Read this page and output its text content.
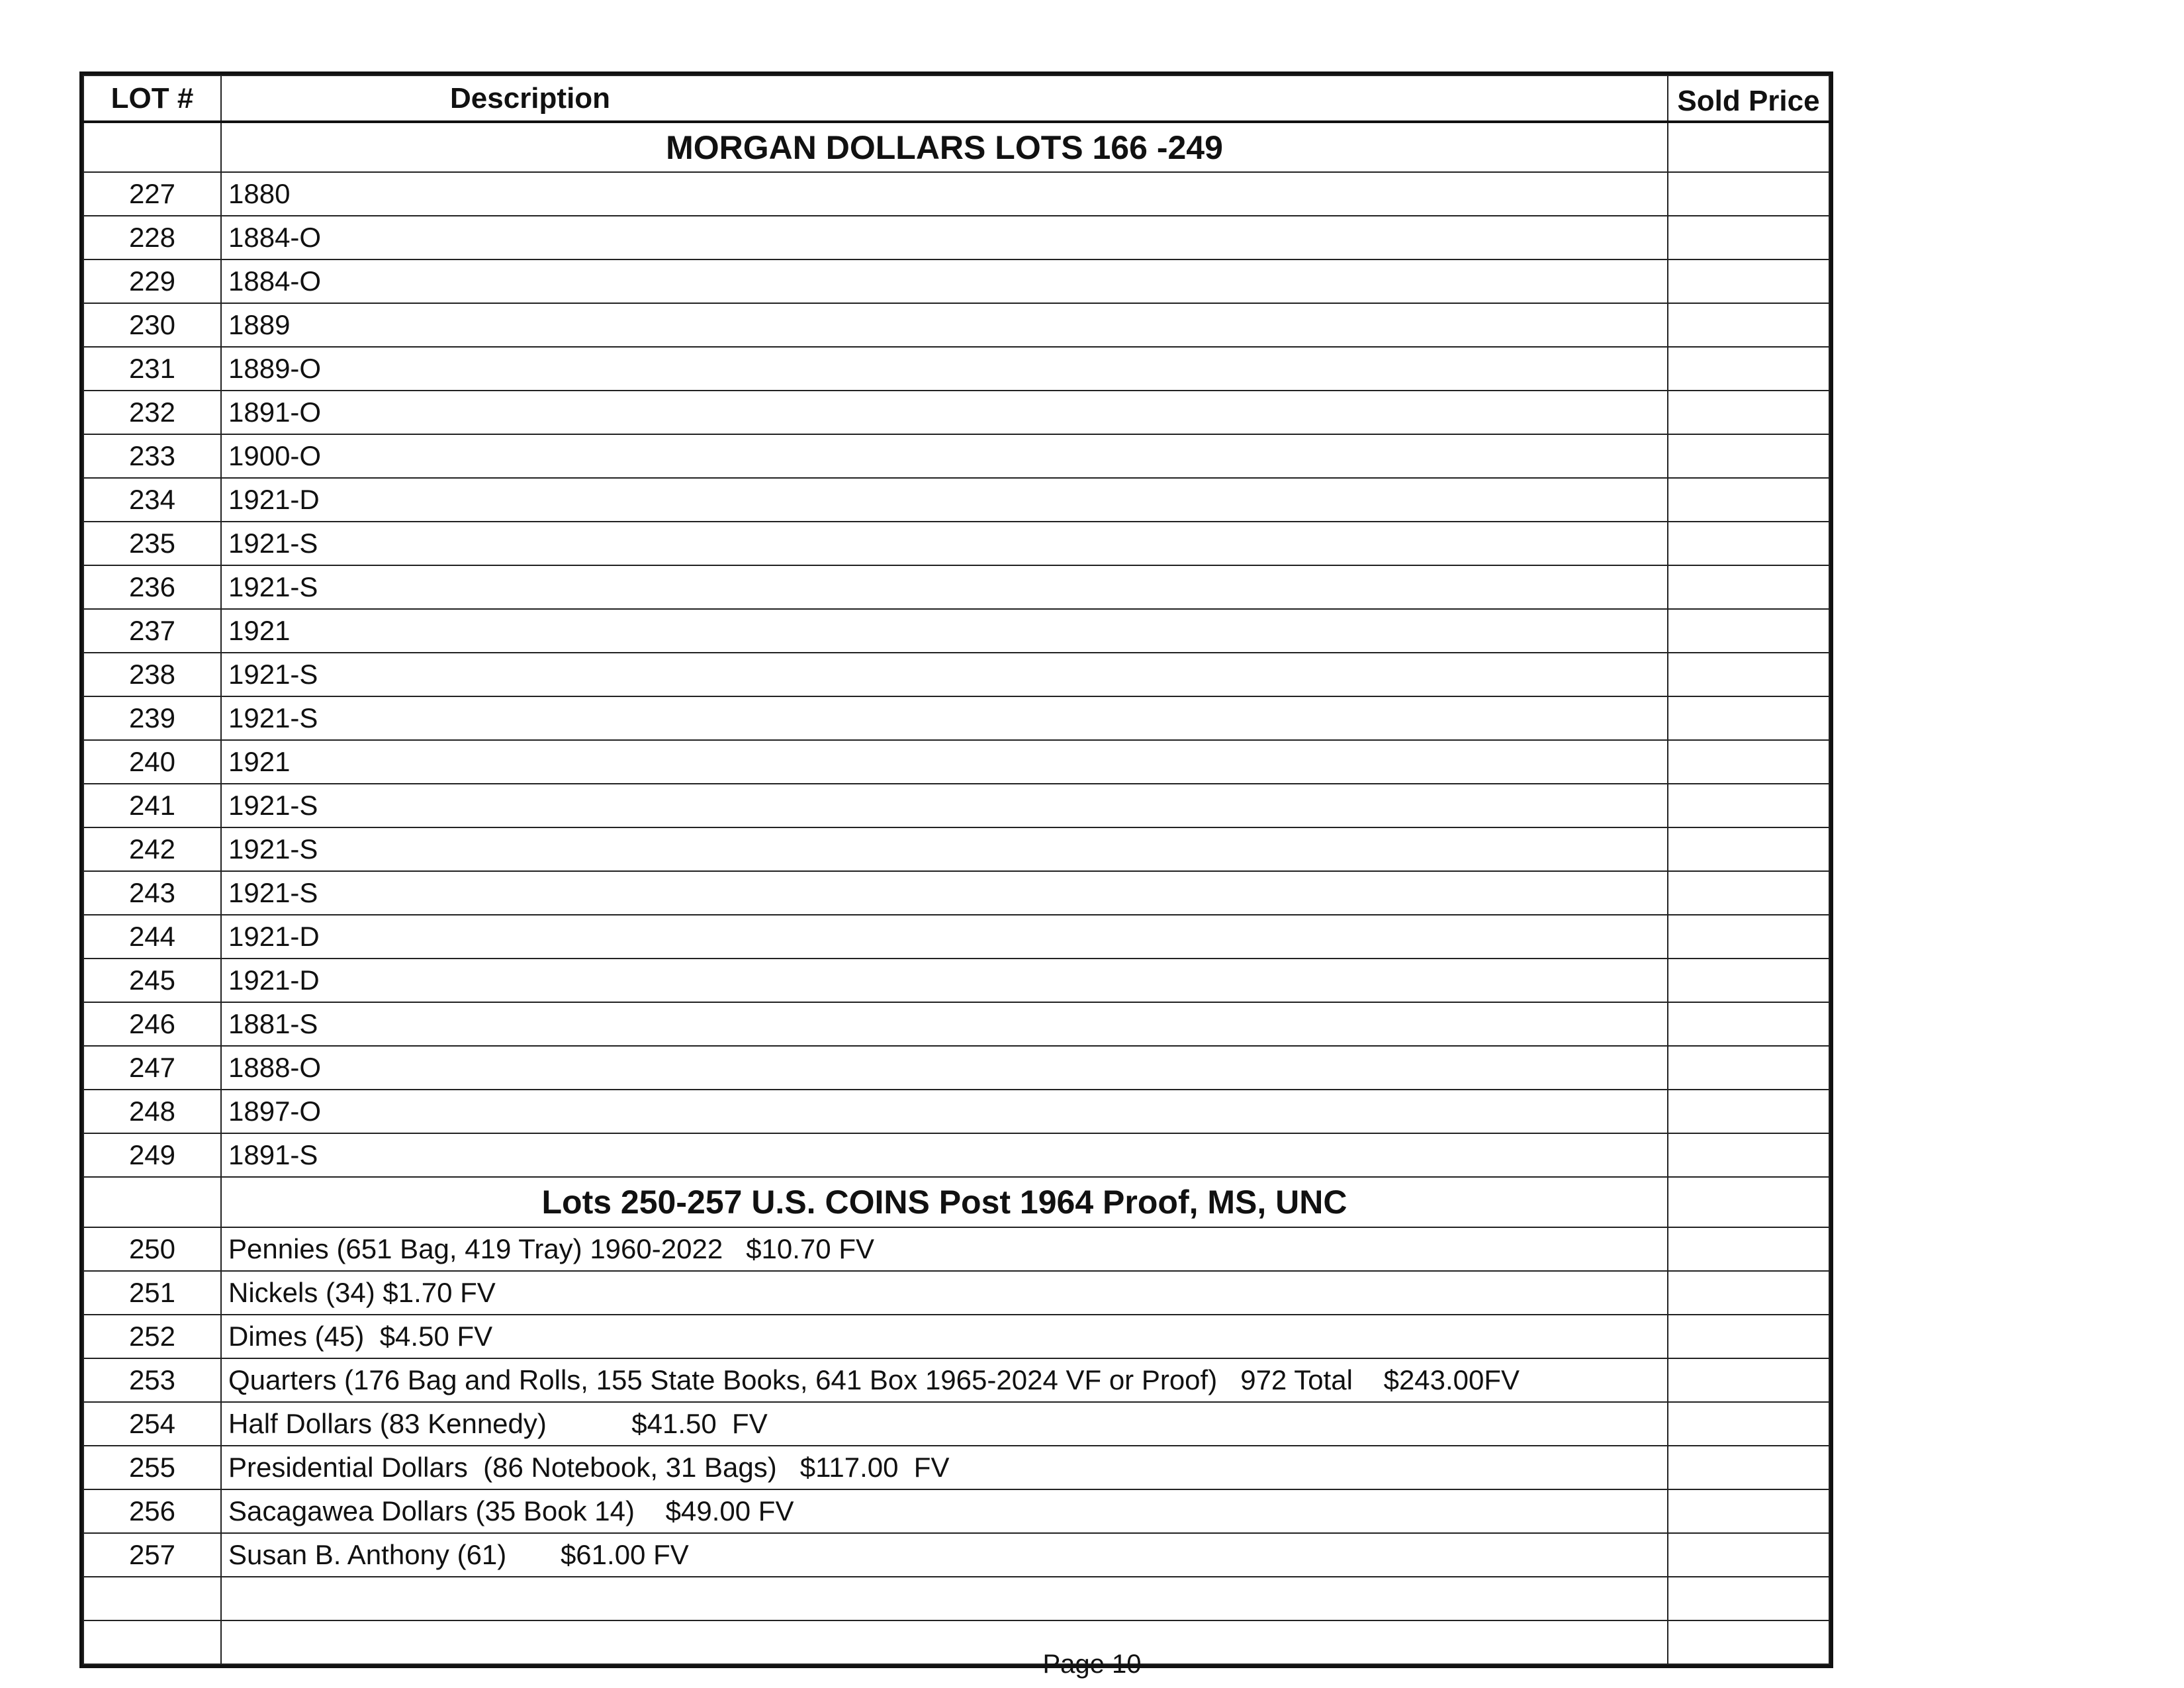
LOT #	Description	Sold Price
	MORGAN DOLLARS LOTS 166 -249	
227	1880	
228	1884-O	
229	1884-O	
230	1889	
231	1889-O	
232	1891-O	
233	1900-O	
234	1921-D	
235	1921-S	
236	1921-S	
237	1921	
238	1921-S	
239	1921-S	
240	1921	
241	1921-S	
242	1921-S	
243	1921-S	
244	1921-D	
245	1921-D	
246	1881-S	
247	1888-O	
248	1897-O	
249	1891-S	
	Lots 250-257 U.S. COINS Post 1964 Proof, MS, UNC	
250	Pennies (651 Bag, 419 Tray) 1960-2022   $10.70 FV	
251	Nickels (34) $1.70 FV	
252	Dimes (45)  $4.50 FV	
253	Quarters (176 Bag and Rolls, 155 State Books, 641 Box 1965-2024 VF or Proof)   972 Total    $243.00FV	
254	Half Dollars (83 Kennedy)           $41.50  FV	
255	Presidential Dollars  (86 Notebook, 31 Bags)   $117.00  FV	
256	Sacagawea Dollars (35 Book 14)    $49.00 FV	
257	Susan B. Anthony (61)       $61.00 FV	

Page 10
